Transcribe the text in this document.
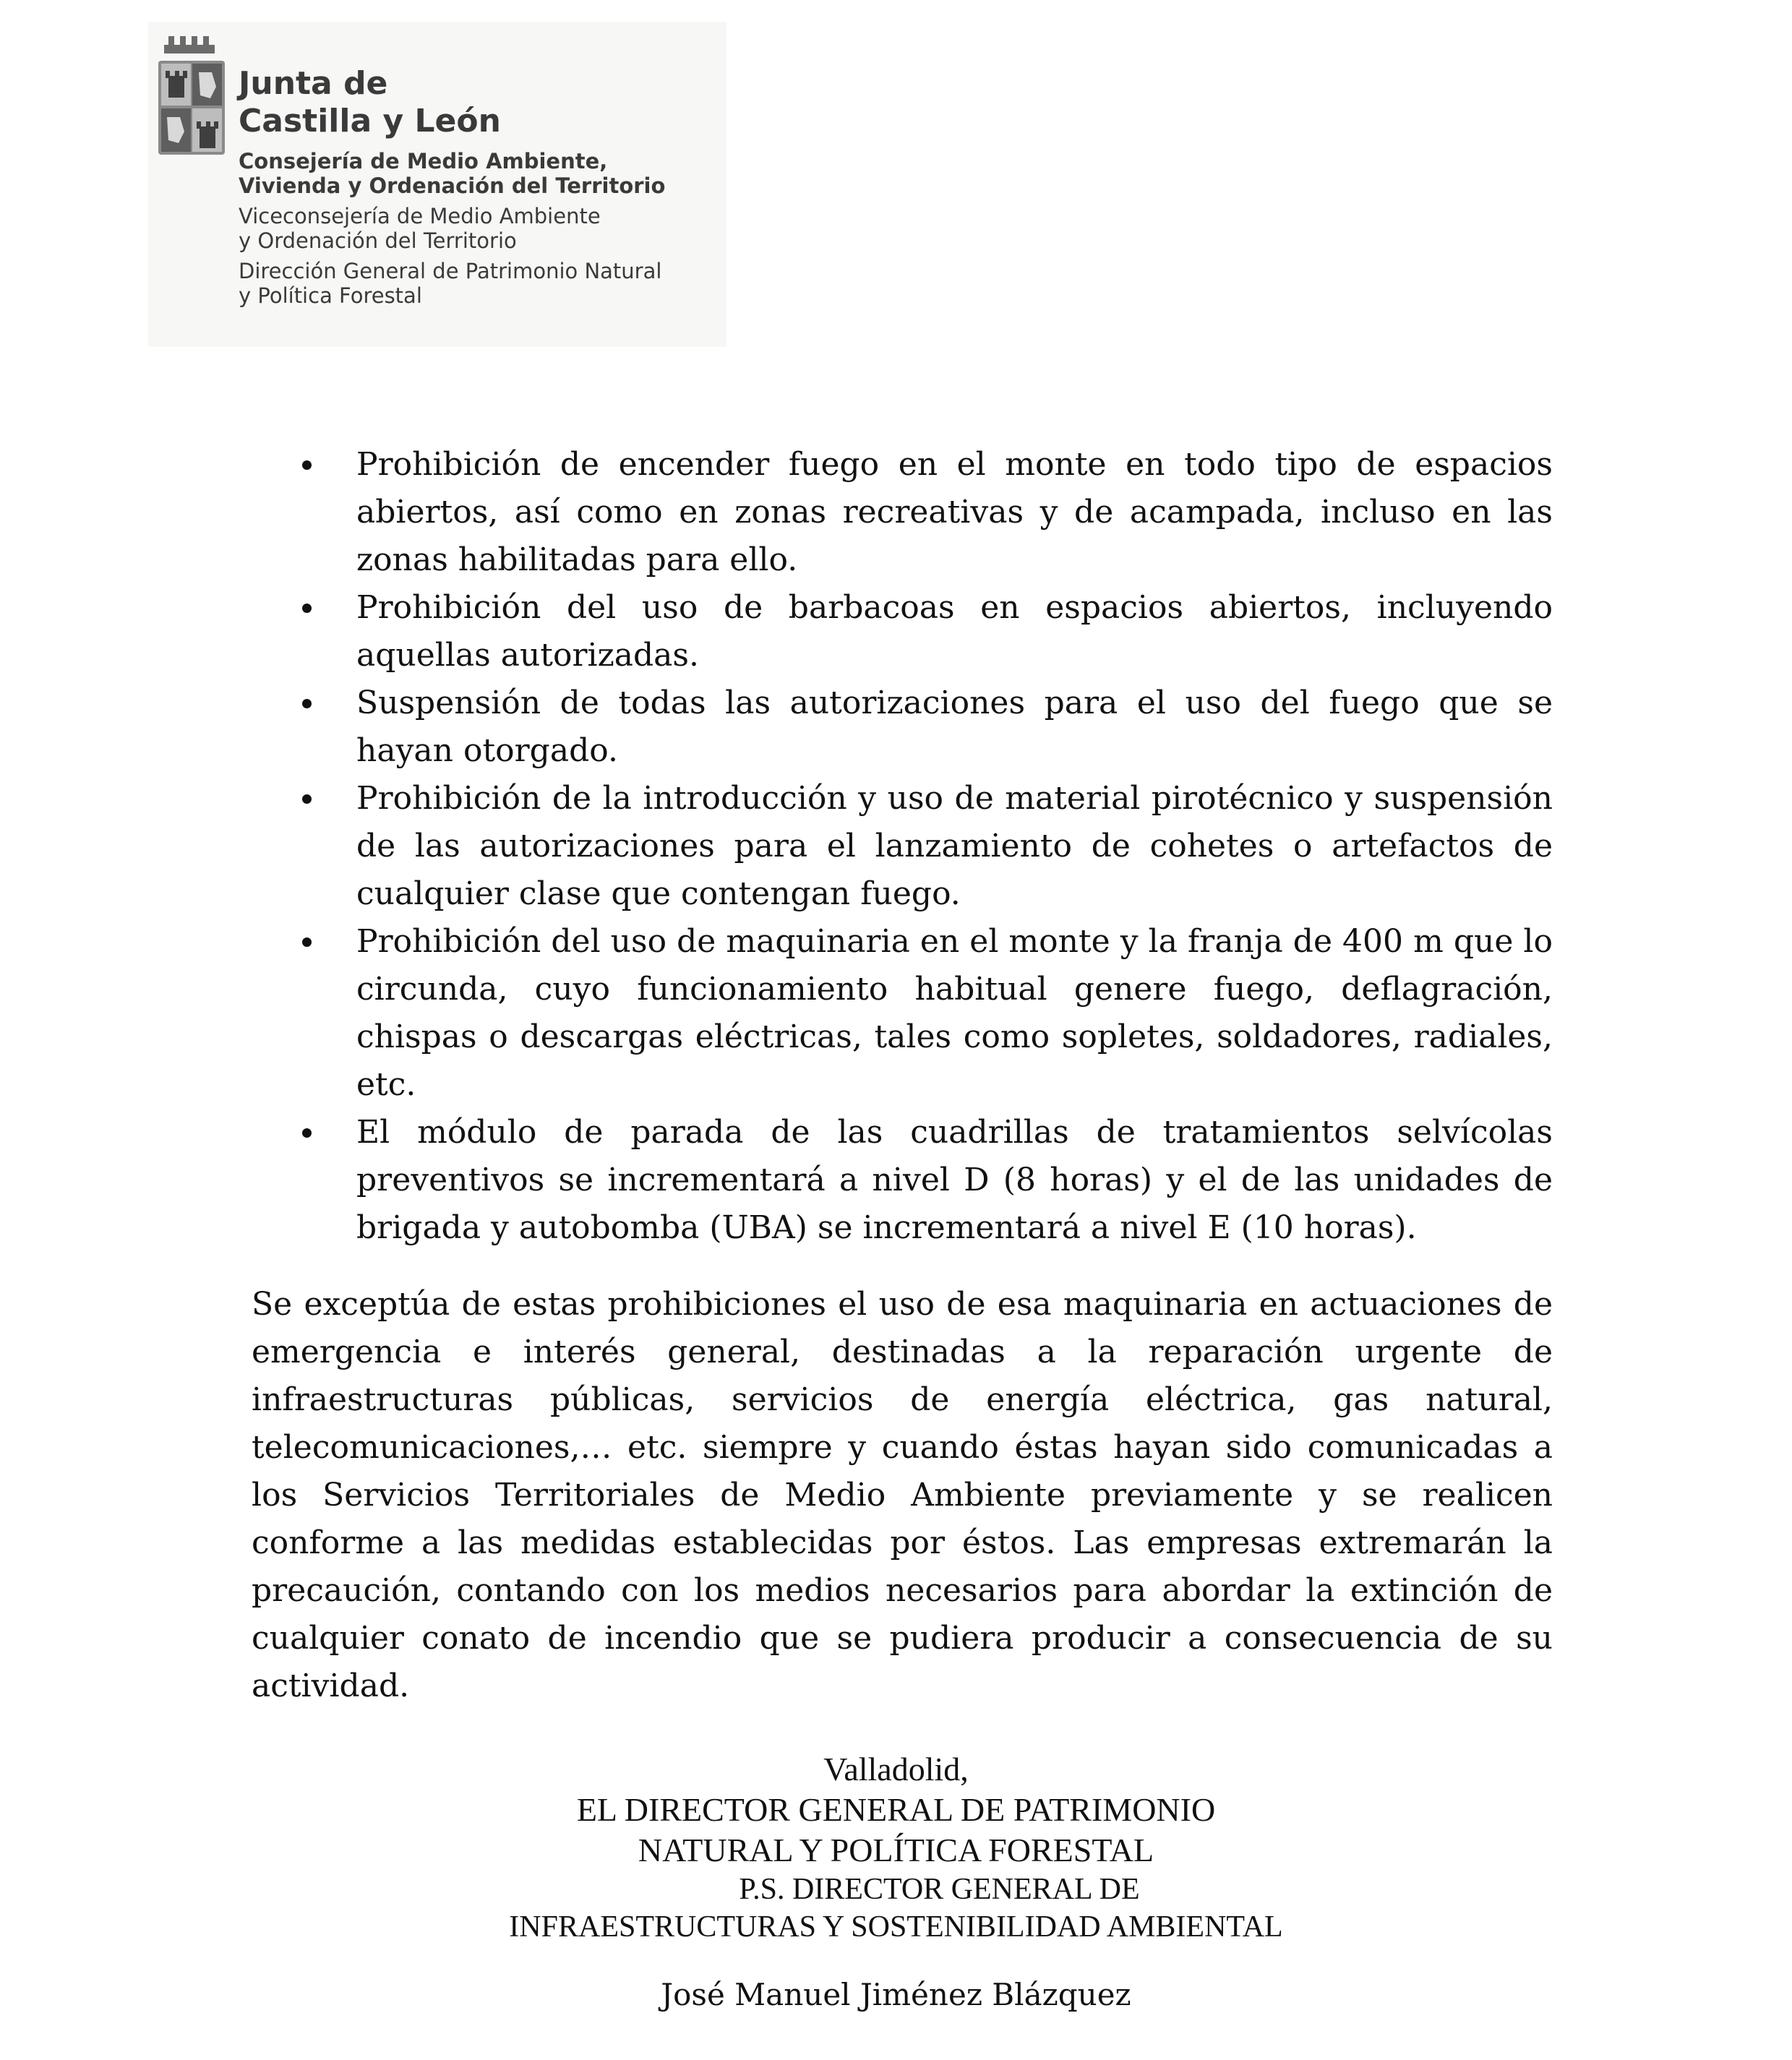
Junta de
Castilla y León
Consejería de Medio Ambiente,
Vivienda y Ordenación del Territorio
Viceconsejería de Medio Ambiente
y Ordenación del Territorio
Dirección General de Patrimonio Natural
y Política Forestal
Prohibición de encender fuego en el monte en todo tipo de espacios abiertos, así como en zonas recreativas y de acampada, incluso en las zonas habilitadas para ello.
Prohibición del uso de barbacoas en espacios abiertos, incluyendo aquellas autorizadas.
Suspensión de todas las autorizaciones para el uso del fuego que se hayan otorgado.
Prohibición de la introducción y uso de material pirotécnico y suspensión de las autorizaciones para el lanzamiento de cohetes o artefactos de cualquier clase que contengan fuego.
Prohibición del uso de maquinaria en el monte y la franja de 400 m que lo circunda, cuyo funcionamiento habitual genere fuego, deflagración, chispas o descargas eléctricas, tales como sopletes, soldadores, radiales, etc.
El módulo de parada de las cuadrillas de tratamientos selvícolas preventivos se incrementará a nivel D (8 horas) y el de las unidades de brigada y autobomba (UBA) se incrementará a nivel E (10 horas).

Se exceptúa de estas prohibiciones el uso de esa maquinaria en actuaciones de emergencia e interés general, destinadas a la reparación urgente de infraestructuras públicas, servicios de energía eléctrica, gas natural, telecomunicaciones,… etc. siempre y cuando éstas hayan sido comunicadas a los Servicios Territoriales de Medio Ambiente previamente y se realicen conforme a las medidas establecidas por éstos. Las empresas extremarán la precaución, contando con los medios necesarios para abordar la extinción de cualquier conato de incendio que se pudiera producir a consecuencia de su actividad.

Valladolid,
EL DIRECTOR GENERAL DE PATRIMONIO
NATURAL Y POLÍTICA FORESTAL
P.S. DIRECTOR GENERAL DE
INFRAESTRUCTURAS Y SOSTENIBILIDAD AMBIENTAL
José Manuel Jiménez Blázquez
